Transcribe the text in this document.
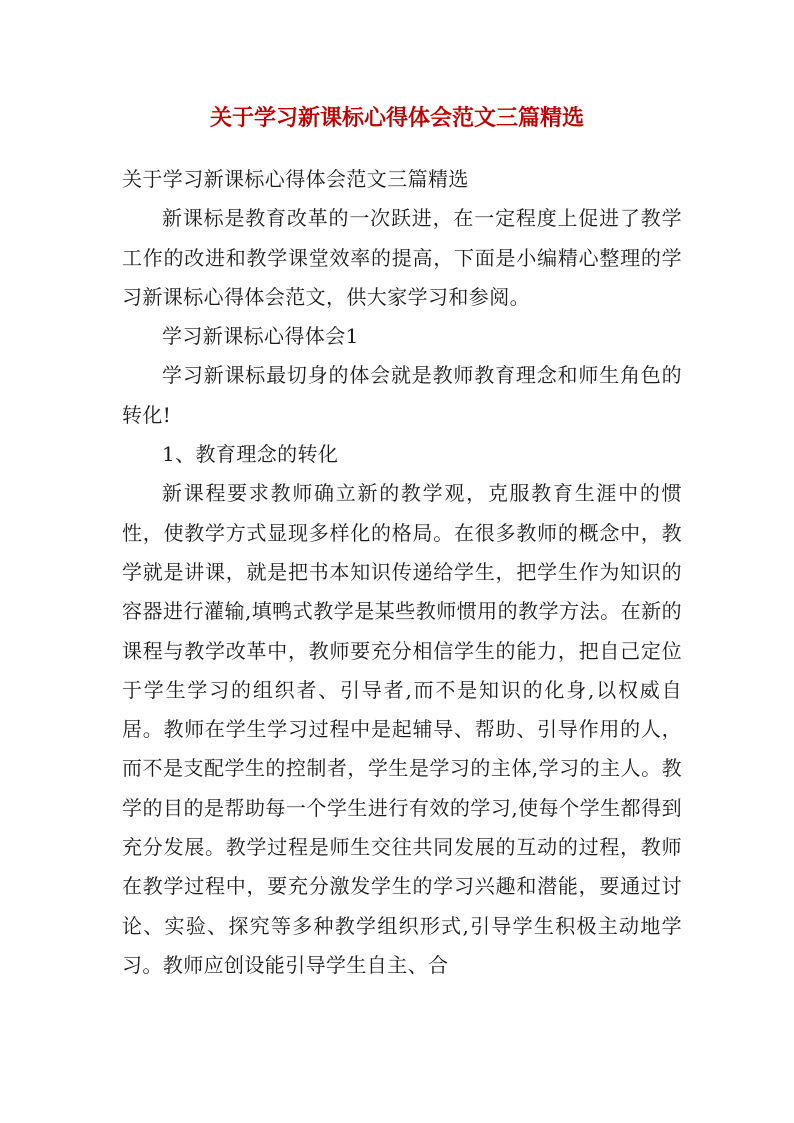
关于学习新课标心得体会范文三篇精选

关于学习新课标心得体会范文三篇精选

新课标是教育改革的一次跃进，在一定程度上促进了教学工作的改进和教学课堂效率的提高，下面是小编精心整理的学习新课标心得体会范文，供大家学习和参阅。

学习新课标心得体会1

学习新课标最切身的体会就是教师教育理念和师生角色的转化!

1、教育理念的转化

新课程要求教师确立新的教学观，克服教育生涯中的惯性，使教学方式显现多样化的格局。在很多教师的概念中，教学就是讲课，就是把书本知识传递给学生，把学生作为知识的容器进行灌输,填鸭式教学是某些教师惯用的教学方法。在新的课程与教学改革中，教师要充分相信学生的能力，把自己定位于学生学习的组织者、引导者,而不是知识的化身,以权威自居。教师在学生学习过程中是起辅导、帮助、引导作用的人，而不是支配学生的控制者，学生是学习的主体,学习的主人。教学的目的是帮助每一个学生进行有效的学习,使每个学生都得到充分发展。教学过程是师生交往共同发展的互动的过程，教师在教学过程中，要充分激发学生的学习兴趣和潜能，要通过讨论、实验、探究等多种教学组织形式,引导学生积极主动地学习。教师应创设能引导学生自主、合
